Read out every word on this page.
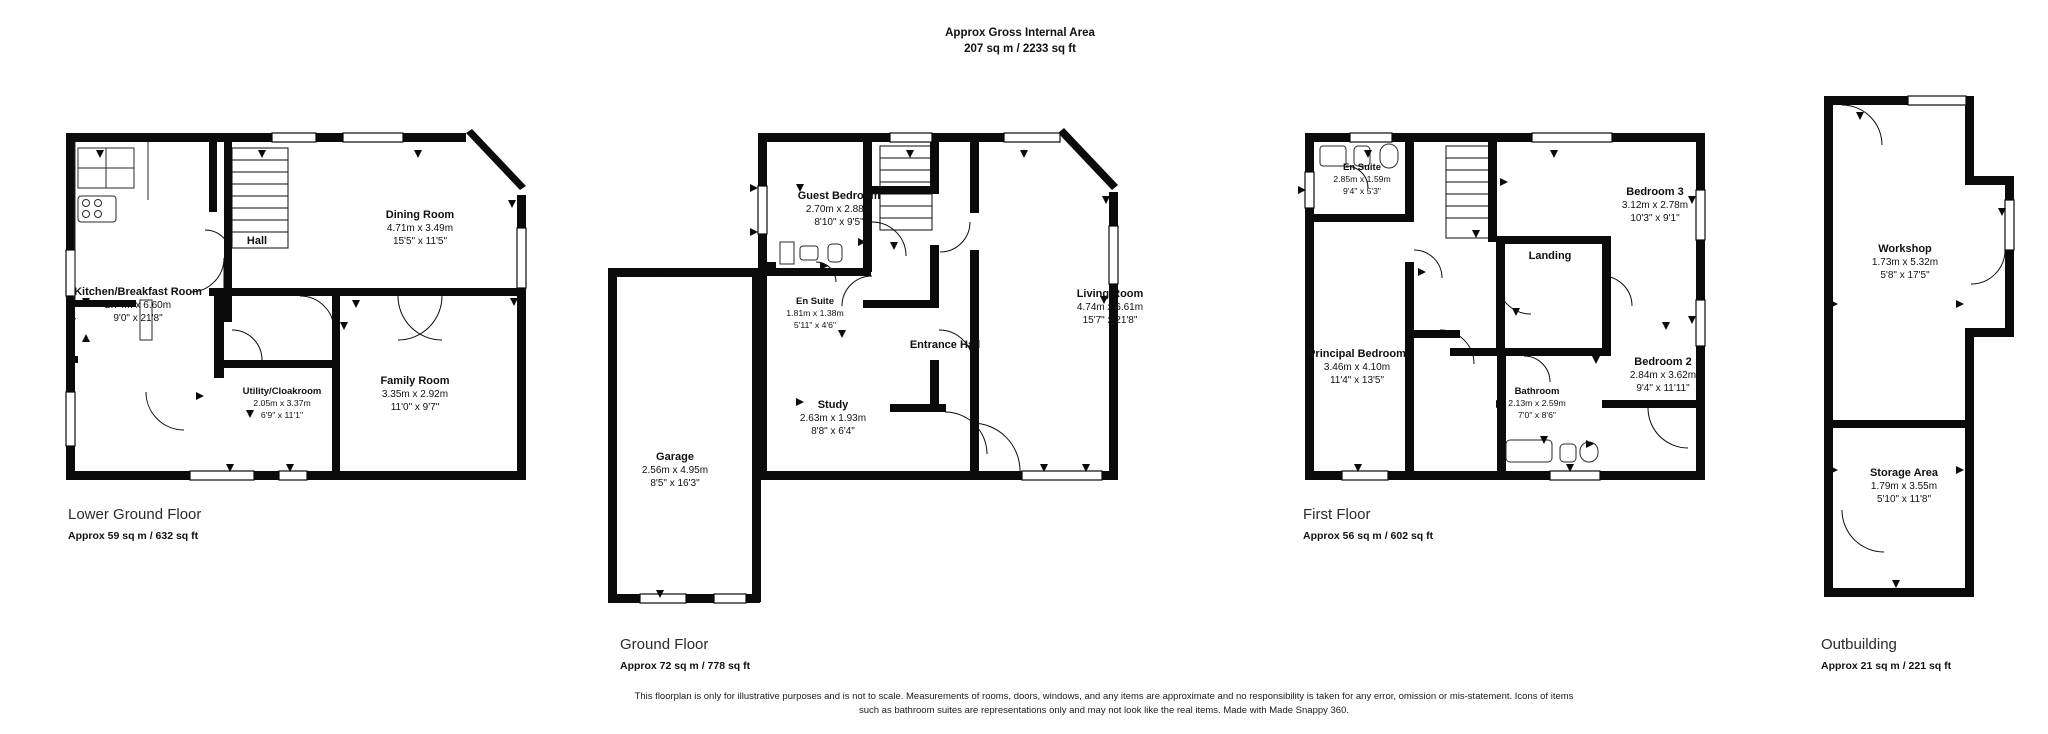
Approx Gross Internal Area
207 sq m / 2233 sq ft
Lower Ground Floor
Approx 59 sq m / 632 sq ft
Dining Room
4.71m x 3.49m
15'5" x 11'5"
Hall
Kitchen/Breakfast Room
2.74m x 6.60m
9'0" x 21'8"
Utility/Cloakroom
2.05m x 3.37m
6'9" x 11'1"
Family Room
3.35m x 2.92m
11'0" x 9'7"
Ground Floor
Approx 72 sq m / 778 sq ft
Guest Bedroom
2.70m x 2.88m
8'10" x 9'5"
En Suite
1.81m x 1.38m
5'11" x 4'6"
Entrance Hall
Living Room
4.74m x 6.61m
15'7" x 21'8"
Study
2.63m x 1.93m
8'8" x 6'4"
Garage
2.56m x 4.95m
8'5" x 16'3"
First Floor
Approx 56 sq m / 602 sq ft
En Suite
2.85m x 1.59m
9'4" x 5'3"	Bedroom 3
3.12m x 2.78m
10'3" x 9'1"
Landing
Principal Bedroom
3.46m x 4.10m
11'4" x 13'5"
Bathroom
2.13m x 2.59m
7'0" x 8'6"
Bedroom 2
2.84m x 3.62m
9'4" x 11'11"
Outbuilding
Approx 21 sq m / 221 sq ft
Workshop
1.73m x 5.32m
5'8" x 17'5"
Storage Area
1.79m x 3.55m
5'10" x 11'8"
This floorplan is only for illustrative purposes and is not to scale. Measurements of rooms, doors, windows, and any items are approximate and no responsibility is taken for any error, omission or mis-statement. Icons of items such as bathroom suites are representations only and may not look like the real items. Made with Made Snappy 360.
